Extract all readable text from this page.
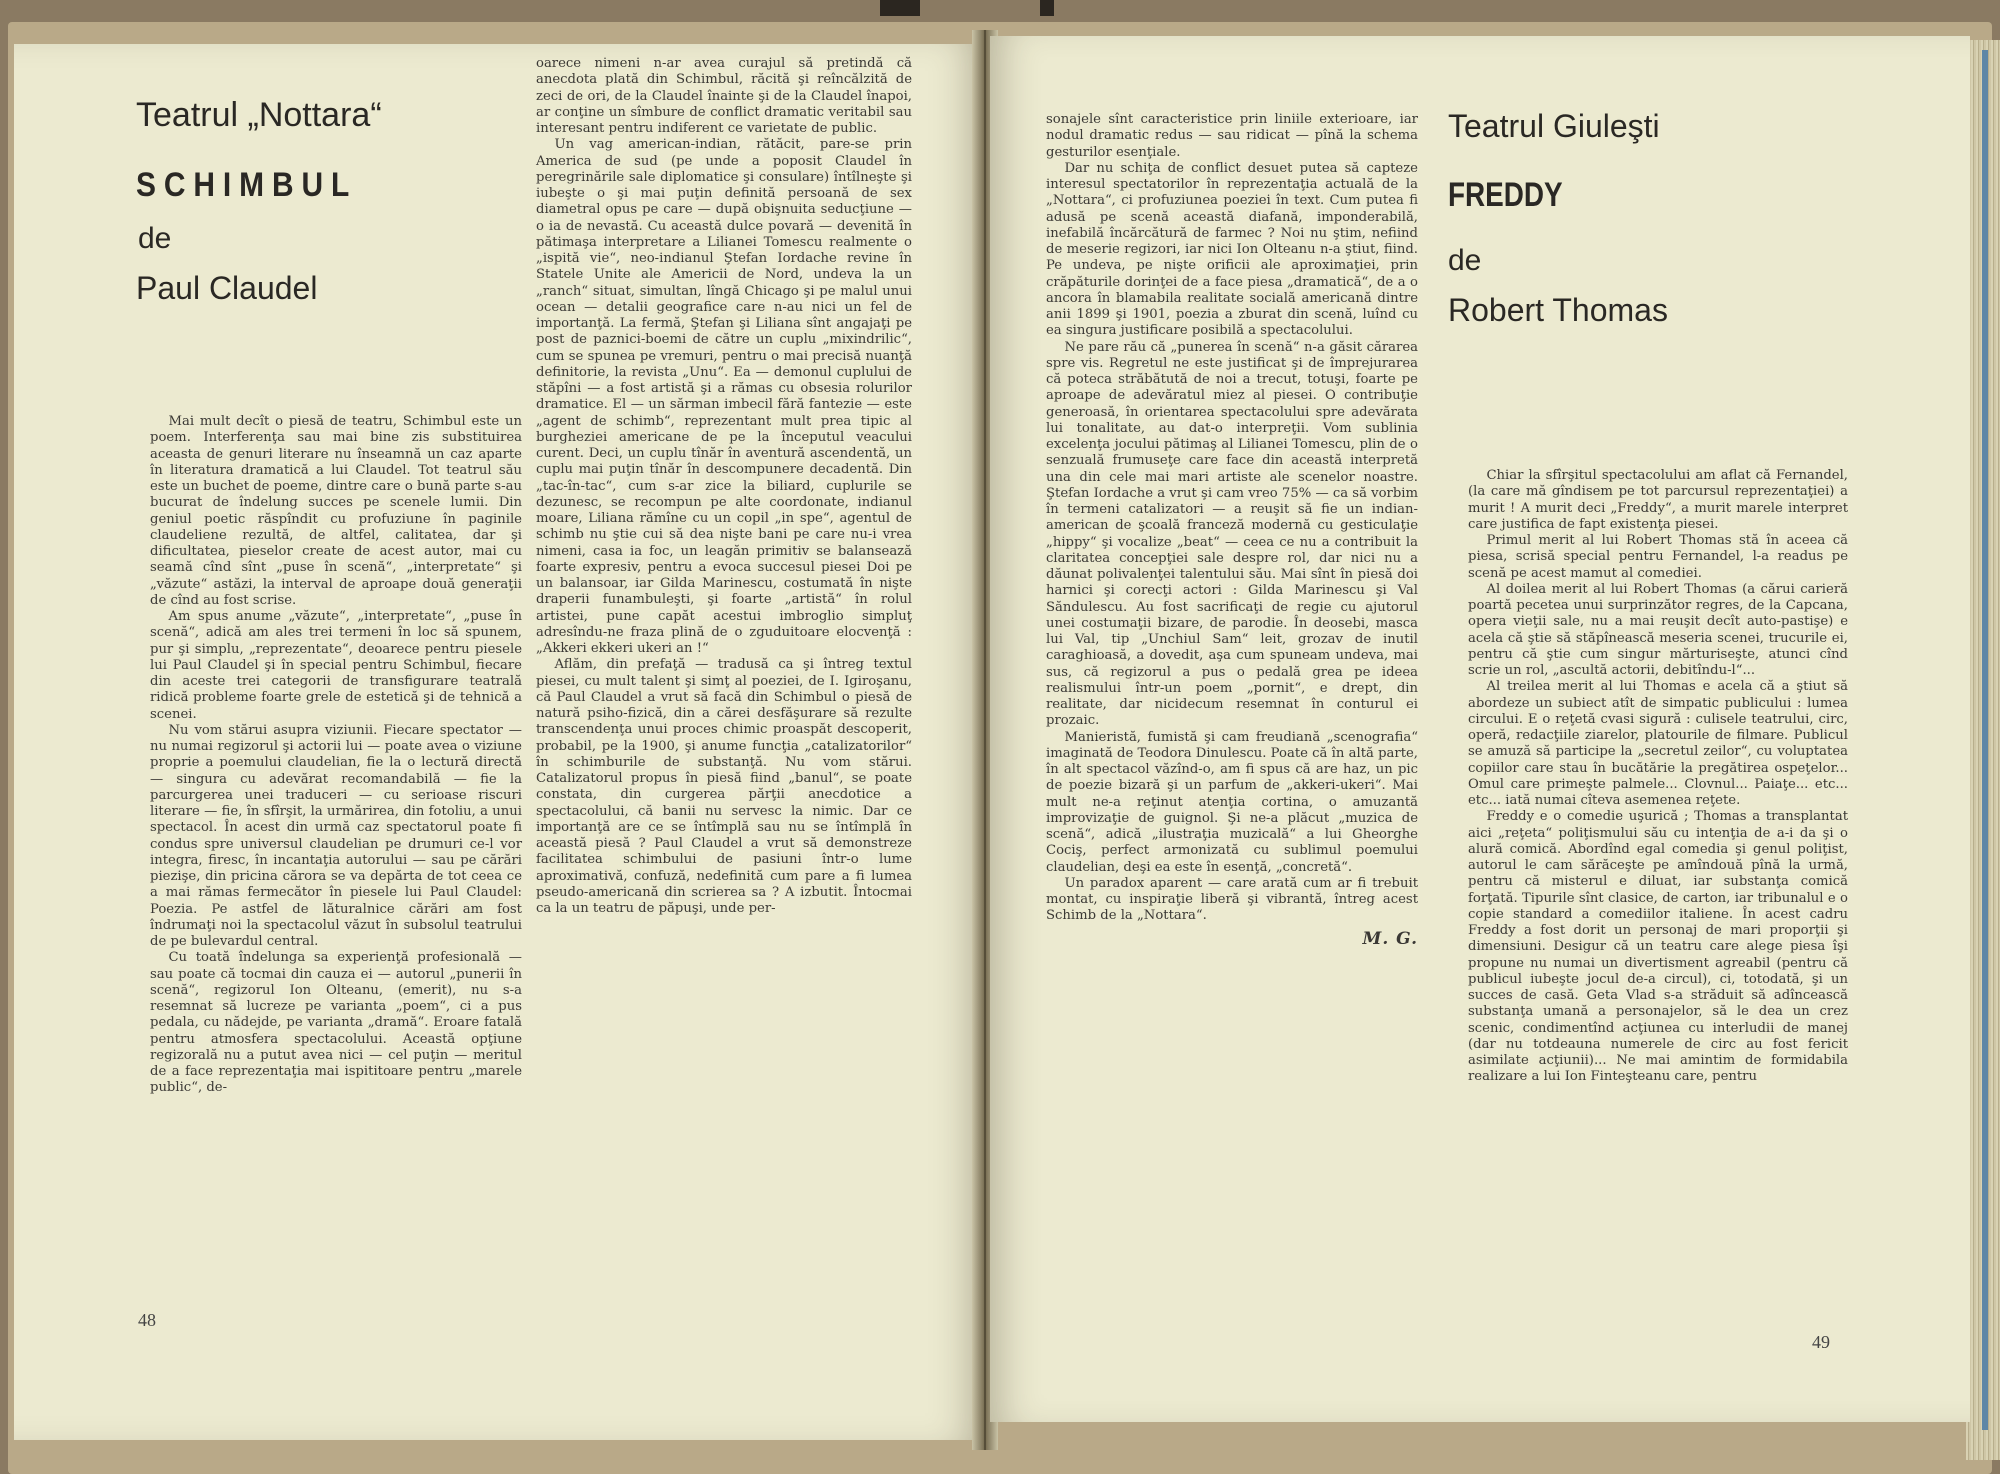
Teatrul „Nottara“
SCHIMBUL
de
Paul Claudel

Mai mult decît o piesă de teatru, Schimbul este un poem. Interferenţa sau mai bine zis substituirea aceasta de genuri literare nu înseamnă un caz aparte în literatura dramatică a lui Claudel. Tot teatrul său este un buchet de poeme, dintre care o bună parte s-au bucurat de îndelung succes pe scenele lumii. Din geniul poetic răspîndit cu profuziune în paginile claudeliene rezultă, de altfel, calitatea, dar şi dificultatea, pieselor create de acest autor, mai cu seamă cînd sînt „puse în scenă“, „interpretate“ şi „văzute“ astăzi, la interval de aproape două generaţii de cînd au fost scrise.

Am spus anume „văzute“, „interpretate“, „puse în scenă“, adică am ales trei termeni în loc să spunem, pur şi simplu, „reprezentate“, deoarece pentru piesele lui Paul Claudel şi în special pentru Schimbul, fiecare din aceste trei categorii de transfigurare teatrală ridică probleme foarte grele de estetică şi de tehnică a scenei.

Nu vom stărui asupra viziunii. Fiecare spectator — nu numai regizorul şi actorii lui — poate avea o viziune proprie a poemului claudelian, fie la o lectură directă — singura cu adevărat recomandabilă — fie la parcurgerea unei traduceri — cu serioase riscuri literare — fie, în sfîrşit, la urmărirea, din fotoliu, a unui spectacol. În acest din urmă caz spectatorul poate fi condus spre universul claudelian pe drumuri ce-l vor integra, firesc, în incantaţia autorului — sau pe cărări piezişe, din pricina cărora se va depărta de tot ceea ce a mai rămas fermecător în piesele lui Paul Claudel: Poezia. Pe astfel de lăturalnice cărări am fost îndrumaţi noi la spectacolul văzut în subsolul teatrului de pe bulevardul central.

Cu toată îndelunga sa experienţă profesională — sau poate că tocmai din cauza ei — autorul „punerii în scenă“, regizorul Ion Olteanu, (emerit), nu s-a resemnat să lucreze pe varianta „poem“, ci a pus pedala, cu nădejde, pe varianta „dramă“. Eroare fatală pentru atmosfera spectacolului. Această opţiune regizorală nu a putut avea nici — cel puţin — meritul de a face reprezentaţia mai ispititoare pentru „marele public“, de-

oarece nimeni n-ar avea curajul să pretindă că anecdota plată din Schimbul, răcită şi reîncălzită de zeci de ori, de la Claudel înainte şi de la Claudel înapoi, ar conţine un sîmbure de conflict dramatic veritabil sau interesant pentru indiferent ce varietate de public.

Un vag american-indian, rătăcit, pare-se prin America de sud (pe unde a poposit Claudel în peregrinările sale diplomatice şi consulare) întîlneşte şi iubeşte o şi mai puţin definită persoană de sex diametral opus pe care — după obişnuita seducţiune — o ia de nevastă. Cu această dulce povară — devenită în pătimaşa interpretare a Lilianei Tomescu realmente o „ispită vie“, neo-indianul Ştefan Iordache revine în Statele Unite ale Americii de Nord, undeva la un „ranch“ situat, simultan, lîngă Chicago şi pe malul unui ocean — detalii geografice care n-au nici un fel de importanţă. La fermă, Ştefan şi Liliana sînt angajaţi pe post de paznici-boemi de către un cuplu „mixindrilic“, cum se spunea pe vremuri, pentru o mai precisă nuanţă definitorie, la revista „Unu“. Ea — demonul cuplului de stăpîni — a fost artistă şi a rămas cu obsesia rolurilor dramatice. El — un sărman imbecil fără fantezie — este „agent de schimb“, reprezentant mult prea tipic al burgheziei americane de pe la începutul veacului curent. Deci, un cuplu tînăr în aventură ascendentă, un cuplu mai puţin tînăr în descompunere decadentă. Din „tac-în-tac“, cum s-ar zice la biliard, cuplurile se dezunesc, se recompun pe alte coordonate, indianul moare, Liliana rămîne cu un copil „in spe“, agentul de schimb nu ştie cui să dea nişte bani pe care nu-i vrea nimeni, casa ia foc, un leagăn primitiv se balansează foarte expresiv, pentru a evoca succesul piesei Doi pe un balansoar, iar Gilda Marinescu, costumată în nişte draperii funambuleşti, şi foarte „artistă“ în rolul artistei, pune capăt acestui imbroglio simpluţ adresîndu-ne fraza plină de o zguduitoare elocvenţă : „Akkeri ekkeri ukeri an !“

Aflăm, din prefaţă — tradusă ca şi întreg textul piesei, cu mult talent şi simţ al poeziei, de I. Igiroşanu, că Paul Claudel a vrut să facă din Schimbul o piesă de natură psiho-fizică, din a cărei desfăşurare să rezulte transcendenţa unui proces chimic proaspăt descoperit, probabil, pe la 1900, şi anume funcţia „catalizatorilor“ în schimburile de substanţă. Nu vom stărui. Catalizatorul propus în piesă fiind „banul“, se poate constata, din curgerea părţii anecdotice a spectacolului, că banii nu servesc la nimic. Dar ce importanţă are ce se întîmplă sau nu se întîmplă în această piesă ? Paul Claudel a vrut să demonstreze facilitatea schimbului de pasiuni într-o lume aproximativă, confuză, nedefinită cum pare a fi lumea pseudo-americană din scrierea sa ? A izbutit. Întocmai ca la un teatru de păpuşi, unde per-

48

sonajele sînt caracteristice prin liniile exterioare, iar nodul dramatic redus — sau ridicat — pînă la schema gesturilor esenţiale.

Dar nu schiţa de conflict desuet putea să capteze interesul spectatorilor în reprezentaţia actuală de la „Nottara“, ci profuziunea poeziei în text. Cum putea fi adusă pe scenă această diafană, imponderabilă, inefabilă încărcătură de farmec ? Noi nu ştim, nefiind de meserie regizori, iar nici Ion Olteanu n-a ştiut, fiind. Pe undeva, pe nişte orificii ale aproximaţiei, prin crăpăturile dorinţei de a face piesa „dramatică“, de a o ancora în blamabila realitate socială americană dintre anii 1899 şi 1901, poezia a zburat din scenă, luînd cu ea singura justificare posibilă a spectacolului.

Ne pare rău că „punerea în scenă“ n-a găsit cărarea spre vis. Regretul ne este justificat şi de împrejurarea că poteca străbătută de noi a trecut, totuşi, foarte pe aproape de adevăratul miez al piesei. O contribuţie generoasă, în orientarea spectacolului spre adevărata lui tonalitate, au dat-o interpreţii. Vom sublinia excelenţa jocului pătimaş al Lilianei Tomescu, plin de o senzuală frumuseţe care face din această interpretă una din cele mai mari artiste ale scenelor noastre. Ştefan Iordache a vrut şi cam vreo 75% — ca să vorbim în termeni catalizatori — a reuşit să fie un indian-american de şcoală franceză modernă cu gesticulaţie „hippy“ şi vocalize „beat“ — ceea ce nu a contribuit la claritatea concepţiei sale despre rol, dar nici nu a dăunat polivalenţei talentului său. Mai sînt în piesă doi harnici şi corecţi actori : Gilda Marinescu şi Val Săndulescu. Au fost sacrificaţi de regie cu ajutorul unei costumaţii bizare, de parodie. În deosebi, masca lui Val, tip „Unchiul Sam“ leit, grozav de inutil caraghioasă, a dovedit, aşa cum spuneam undeva, mai sus, că regizorul a pus o pedală grea pe ideea realismului într-un poem „pornit“, e drept, din realitate, dar nicidecum resemnat în conturul ei prozaic.

Manieristă, fumistă şi cam freudiană „scenografia“ imaginată de Teodora Dinulescu. Poate că în altă parte, în alt spectacol văzînd-o, am fi spus că are haz, un pic de poezie bizară şi un parfum de „akkeri-ukeri“. Mai mult ne-a reţinut atenţia cortina, o amuzantă improvizaţie de guignol. Şi ne-a plăcut „muzica de scenă“, adică „ilustraţia muzicală“ a lui Gheorghe Cociş, perfect armonizată cu sublimul poemului claudelian, deşi ea este în esenţă, „concretă“.

Un paradox aparent — care arată cum ar fi trebuit montat, cu inspiraţie liberă şi vibrantă, întreg acest Schimb de la „Nottara“.

M. G.
Teatrul Giuleşti
FREDDY
de
Robert Thomas

Chiar la sfîrşitul spectacolului am aflat că Fernandel, (la care mă gîndisem pe tot parcursul reprezentaţiei) a murit ! A murit deci „Freddy“, a murit marele interpret care justifica de fapt existenţa piesei.

Primul merit al lui Robert Thomas stă în aceea că piesa, scrisă special pentru Fernandel, l-a readus pe scenă pe acest mamut al comediei.

Al doilea merit al lui Robert Thomas (a cărui carieră poartă pecetea unui surprinzător regres, de la Capcana, opera vieţii sale, nu a mai reuşit decît auto-pastişe) e acela că ştie să stăpînească meseria scenei, trucurile ei, pentru că ştie cum singur mărturiseşte, atunci cînd scrie un rol, „ascultă actorii, debitîndu-l“...

Al treilea merit al lui Thomas e acela că a ştiut să abordeze un subiect atît de simpatic publicului : lumea circului. E o reţetă cvasi sigură : culisele teatrului, circ, operă, redacţiile ziarelor, platourile de filmare. Publicul se amuză să participe la „secretul zeilor“, cu voluptatea copiilor care stau în bucătărie la pregătirea ospeţelor... Omul care primeşte palmele... Clovnul... Paiaţe... etc... etc... iată numai cîteva asemenea reţete.

Freddy e o comedie uşurică ; Thomas a transplantat aici „reţeta“ poliţismului său cu intenţia de a-i da şi o alură comică. Abordînd egal comedia şi genul poliţist, autorul le cam sărăceşte pe amîndouă pînă la urmă, pentru că misterul e diluat, iar substanţa comică forţată. Tipurile sînt clasice, de carton, iar tribunalul e o copie standard a comediilor italiene. În acest cadru Freddy a fost dorit un personaj de mari proporţii şi dimensiuni. Desigur că un teatru care alege piesa îşi propune nu numai un divertisment agreabil (pentru că publicul iubeşte jocul de-a circul), ci, totodată, şi un succes de casă. Geta Vlad s-a străduit să adîncească substanţa umană a personajelor, să le dea un crez scenic, condimentînd acţiunea cu interludii de manej (dar nu totdeauna numerele de circ au fost fericit asimilate acţiunii)... Ne mai amintim de formidabila realizare a lui Ion Finteşteanu care, pentru

49
